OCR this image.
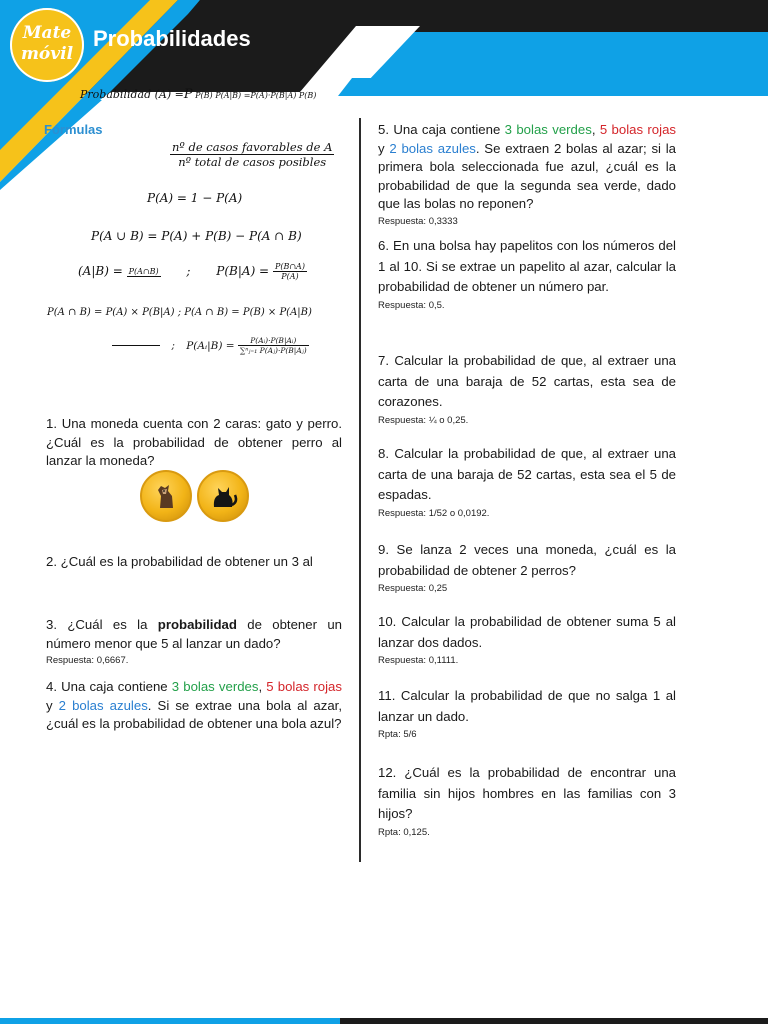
Mate
móvil
Probabilidades
Probabilidad (A) =P P(B) P(A|B) =P(A)·P(B|A) P(B)
Fórmulas
$\frac{\text{nº de casos favorables de A}}{\text{nº total de casos posibles}}$
P(A) = 1 − P(A)
P(A ∪ B) = P(A) + P(B) − P(A ∩ B)
(A|B) = P(A∩B) ; $P(B|A) = \frac{P(B\cap A)}{P(A)}$
P(A ∩ B) = P(A) × P(B|A) ; P(A ∩ B) = P(B) × P(A|B)
; P(Aᵢ|B) = $\frac{\text{P(Aᵢ)·P(B|Aᵢ)}}{\text{∑ⁿⱼ₌₁ P(Aⱼ)·P(B|Aⱼ)}}$
1. Una moneda cuenta con 2 caras: gato y perro. ¿Cuál es la probabilidad de obtener perro al lanzar la moneda?
2. ¿Cuál es la probabilidad de obtener un 3 al
3. ¿Cuál es la probabilidad de obtener un número menor que 5 al lanzar un dado?
Respuesta: 0,6667.
4. Una caja contiene 3 bolas verdes, 5 bolas rojas y 2 bolas azules. Si se extrae una bola al azar, ¿cuál es la probabilidad de obtener una bola azul?
5. Una caja contiene 3 bolas verdes, 5 bolas rojas y 2 bolas azules. Se extraen 2 bolas al azar; si la primera bola seleccionada fue azul, ¿cuál es la probabilidad de que la segunda sea verde, dado que las bolas no reponen?
Respuesta: 0,3333
6. En una bolsa hay papelitos con los números del 1 al 10. Si se extrae un papelito al azar, calcular la probabilidad de obtener un número par.
Respuesta: 0,5.
7. Calcular la probabilidad de que, al extraer una carta de una baraja de 52 cartas, esta sea de corazones.
Respuesta: ¼ o 0,25.
8. Calcular la probabilidad de que, al extraer una carta de una baraja de 52 cartas, esta sea el 5 de espadas.
Respuesta: 1/52 o 0,0192.
9. Se lanza 2 veces una moneda, ¿cuál es la probabilidad de obtener 2 perros?
Respuesta: 0,25
10. Calcular la probabilidad de obtener suma 5 al lanzar dos dados.
Respuesta: 0,1111.
11. Calcular la probabilidad de que no salga 1 al lanzar un dado.
Rpta: 5/6
12. ¿Cuál es la probabilidad de encontrar una familia sin hijos hombres en las familias con 3 hijos?
Rpta: 0,125.
